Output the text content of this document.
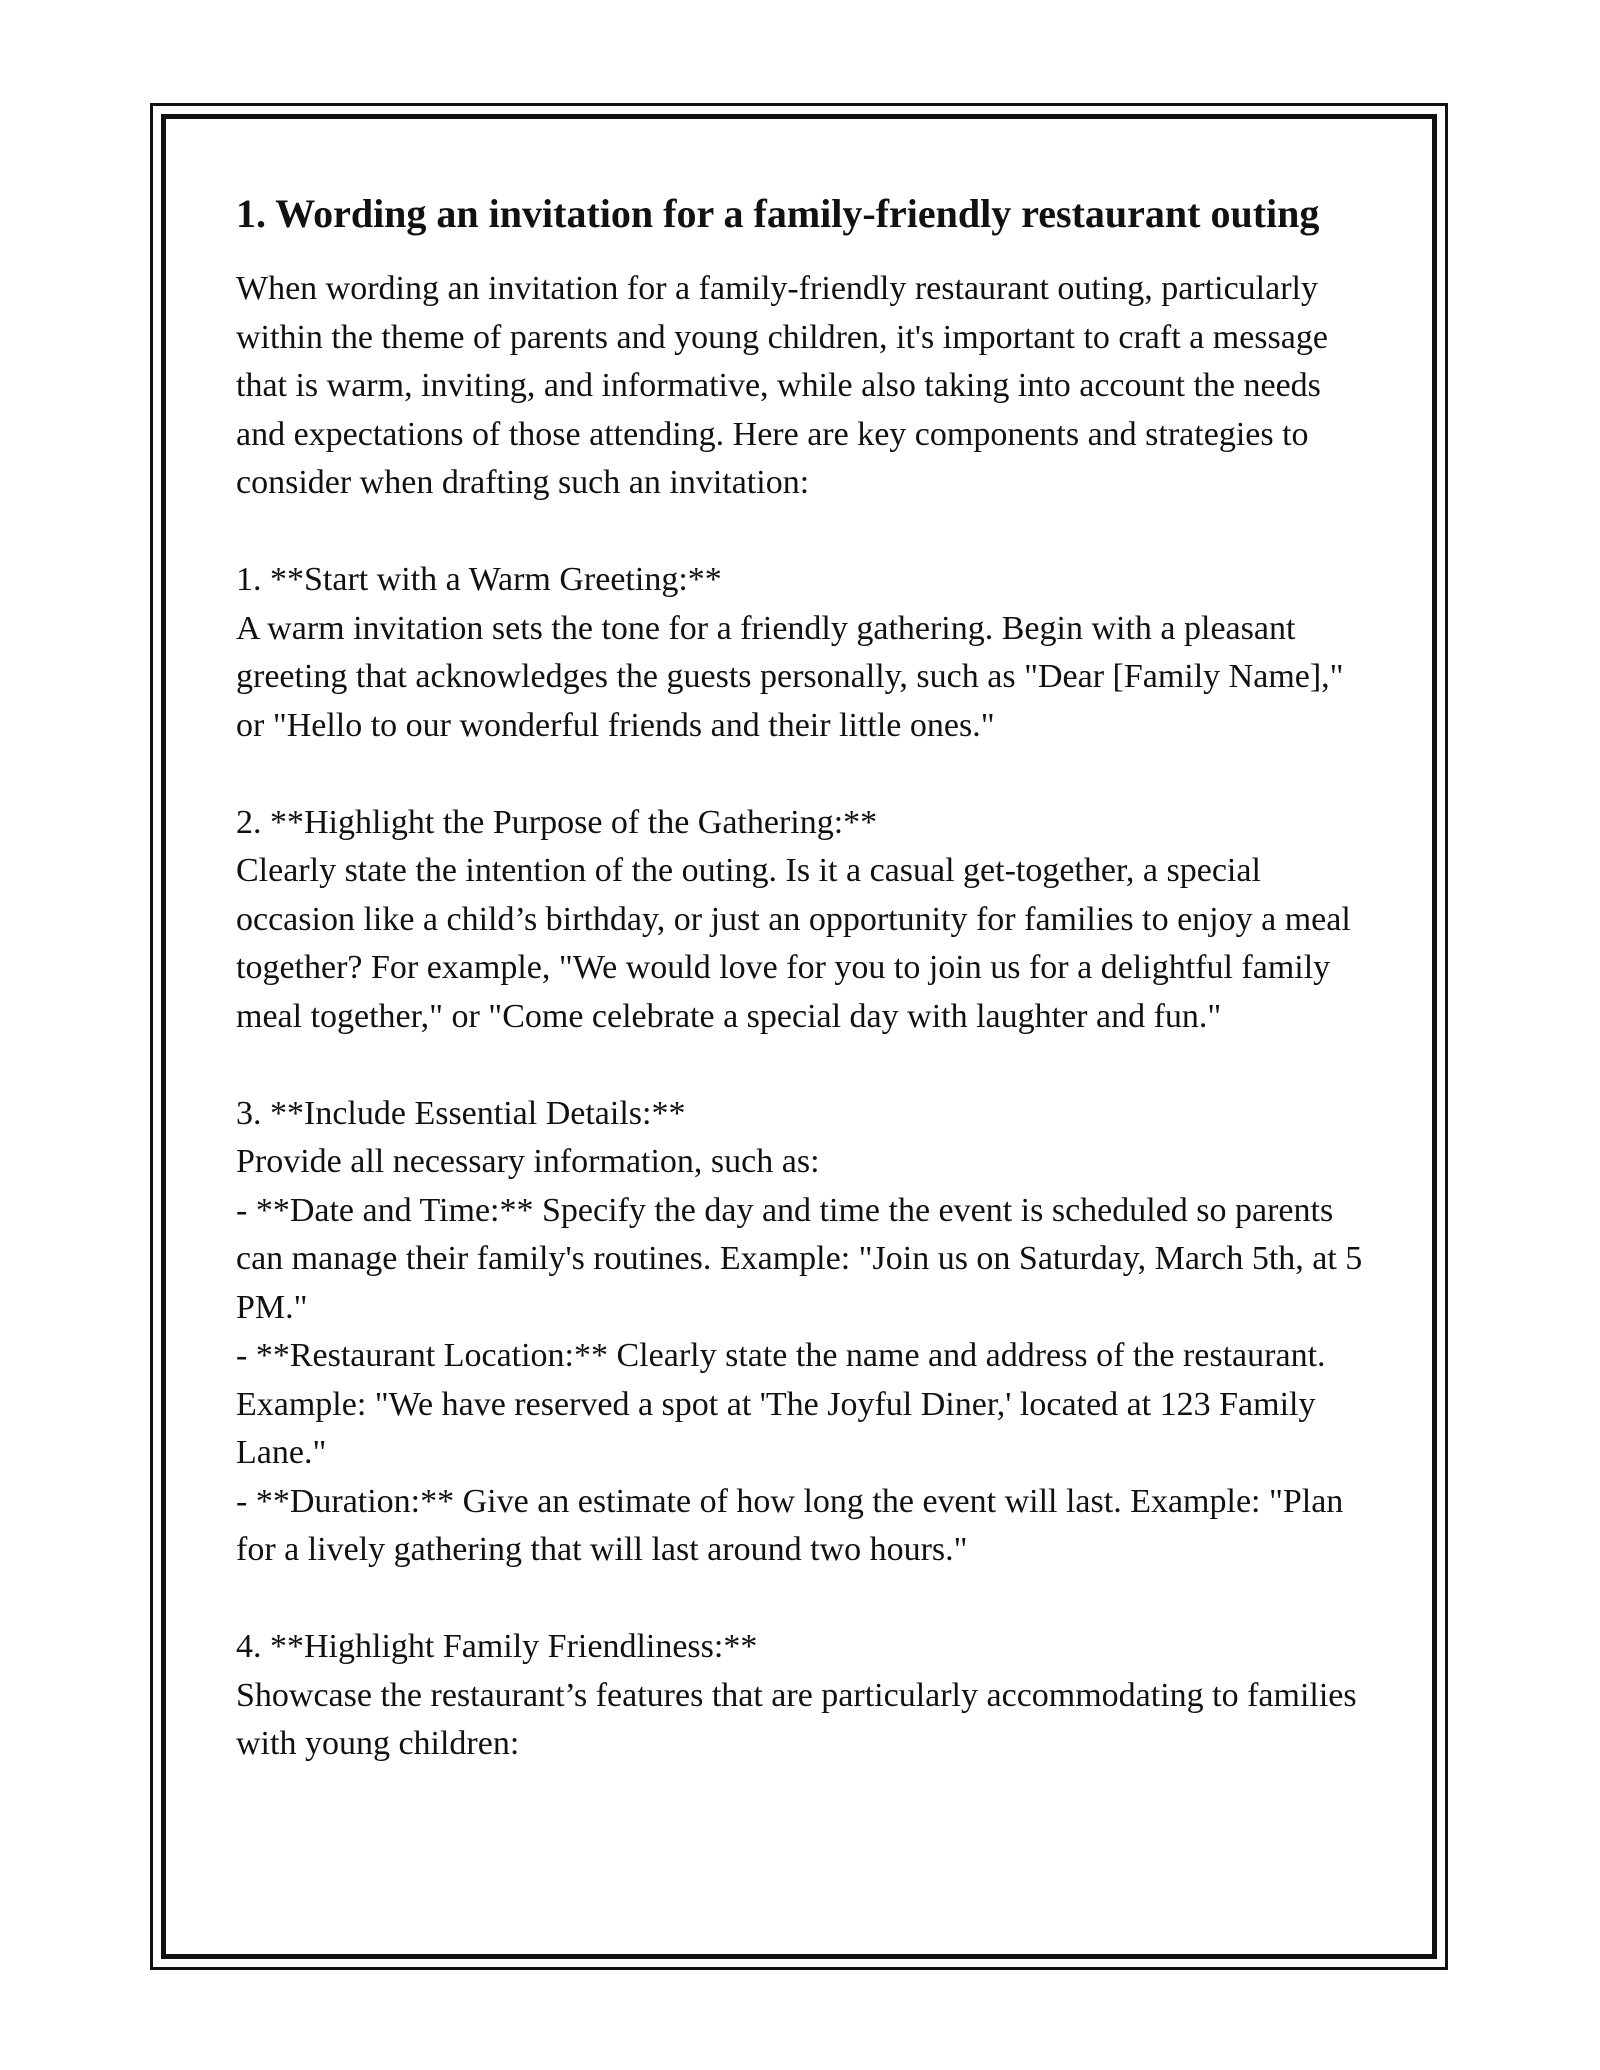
1. Wording an invitation for a family-friendly restaurant outing

When wording an invitation for a family-friendly restaurant outing, particularly within the theme of parents and young children, it's important to craft a message that is warm, inviting, and informative, while also taking into account the needs and expectations of those attending. Here are key components and strategies to consider when drafting such an invitation:

1. **Start with a Warm Greeting:**

A warm invitation sets the tone for a friendly gathering. Begin with a pleasant greeting that acknowledges the guests personally, such as "Dear [Family Name]," or "Hello to our wonderful friends and their little ones."

2. **Highlight the Purpose of the Gathering:**

Clearly state the intention of the outing. Is it a casual get-together, a special occasion like a child’s birthday, or just an opportunity for families to enjoy a meal together? For example, "We would love for you to join us for a delightful family meal together," or "Come celebrate a special day with laughter and fun."

3. **Include Essential Details:**

Provide all necessary information, such as:

- **Date and Time:** Specify the day and time the event is scheduled so parents can manage their family's routines. Example: "Join us on Saturday, March 5th, at 5 PM."

- **Restaurant Location:** Clearly state the name and address of the restaurant. Example: "We have reserved a spot at 'The Joyful Diner,' located at 123 Family Lane."

- **Duration:** Give an estimate of how long the event will last. Example: "Plan for a lively gathering that will last around two hours."

4. **Highlight Family Friendliness:**

Showcase the restaurant’s features that are particularly accommodating to families with young children:
